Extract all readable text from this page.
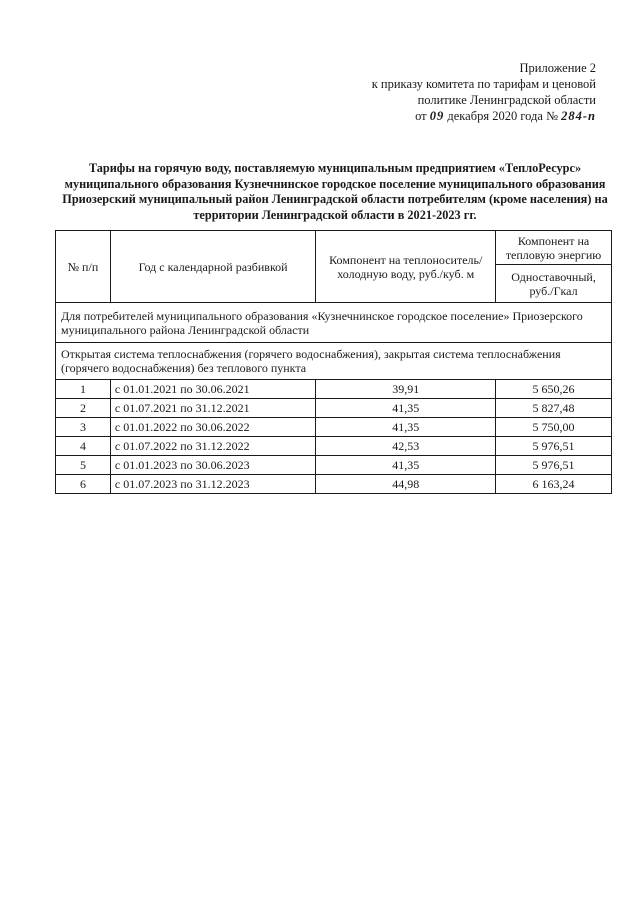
Приложение 2
к приказу комитета по тарифам и ценовой
политике Ленинградской области
от 09 декабря 2020 года № 284-п
Тарифы на горячую воду, поставляемую муниципальным предприятием «ТеплоРесурс» муниципального образования Кузнечнинское городское поселение муниципального образования Приозерский муниципальный район Ленинградской области потребителям (кроме населения) на территории Ленинградской области в 2021-2023 гг.
№ п/п	Год с календарной разбивкой	Компонент на теплоноситель/ холодную воду, руб./куб. м	Компонент на тепловую энергию
			Одноставочный, руб./Гкал
Для потребителей муниципального образования «Кузнечнинское городское поселение» Приозерского муниципального района Ленинградской области			
Открытая система теплоснабжения (горячего водоснабжения), закрытая система теплоснабжения (горячего водоснабжения) без теплового пункта			
1	с 01.01.2021 по 30.06.2021	39,91	5 650,26
2	с 01.07.2021 по 31.12.2021	41,35	5 827,48
3	с 01.01.2022 по 30.06.2022	41,35	5 750,00
4	с 01.07.2022 по 31.12.2022	42,53	5 976,51
5	с 01.01.2023 по 30.06.2023	41,35	5 976,51
6	с 01.07.2023 по 31.12.2023	44,98	6 163,24
